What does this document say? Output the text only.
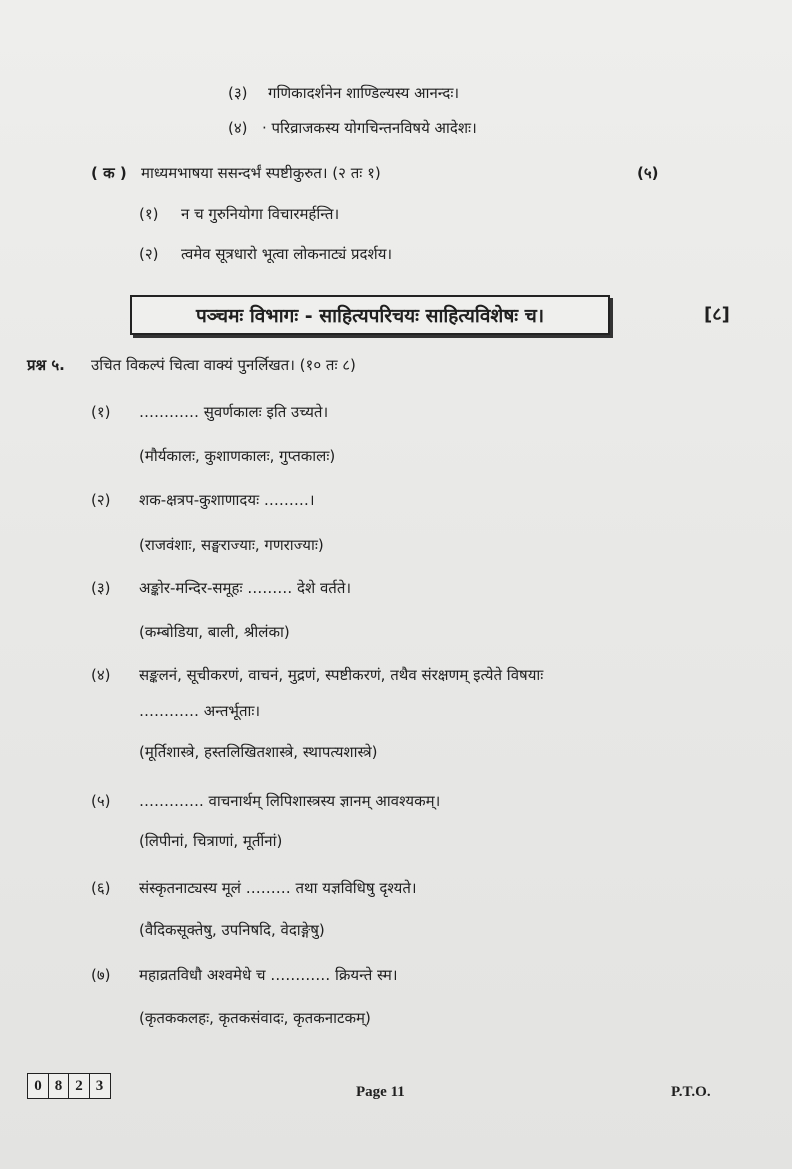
(३) गणिकादर्शनेन शाण्डिल्यस्य आनन्दः।
(४) · परिव्राजकस्य योगचिन्तनविषये आदेशः।
( क ) माध्यमभाषया ससन्दर्भं स्पष्टीकुरुत। (२ तः १)	(५)
(१) न च गुरुनियोगा विचारमर्हन्ति।
(२) त्वमेव सूत्रधारो भूत्वा लोकनाट्यं प्रदर्शय।
पञ्चमः विभागः - साहित्यपरिचयः साहित्यविशेषः च।	[८]
प्रश्न ५. उचित विकल्पं चित्वा वाक्यं पुनर्लिखत। (१० तः ८)
(१) ………… सुवर्णकालः इति उच्यते।
(मौर्यकालः, कुशाणकालः, गुप्तकालः)
(२) शक-क्षत्रप-कुशाणादयः ………।
(राजवंशाः, सङ्घराज्याः, गणराज्याः)
(३) अङ्कोर-मन्दिर-समूहः ……… देशे वर्तते।
(कम्बोडिया, बाली, श्रीलंका)
(४) सङ्कलनं, सूचीकरणं, वाचनं, मुद्रणं, स्पष्टीकरणं, तथैव संरक्षणम् इत्येते विषयाः
………… अन्तर्भूताः।
(मूर्तिशास्त्रे, हस्तलिखितशास्त्रे, स्थापत्यशास्त्रे)
(५) …………. वाचनार्थम् लिपिशास्त्रस्य ज्ञानम् आवश्यकम्।
(लिपीनां, चित्राणां, मूर्तीनां)
(६) संस्कृतनाट्यस्य मूलं ……… तथा यज्ञविधिषु दृश्यते।
(वैदिकसूक्तेषु, उपनिषदि, वेदाङ्गेषु)
(७) महाव्रतविधौ अश्वमेधे च ………… क्रियन्ते स्म।
(कृतककलहः, कृतकसंवादः, कृतकनाटकम्)
0 8 2 3	Page 11	P.T.O.
